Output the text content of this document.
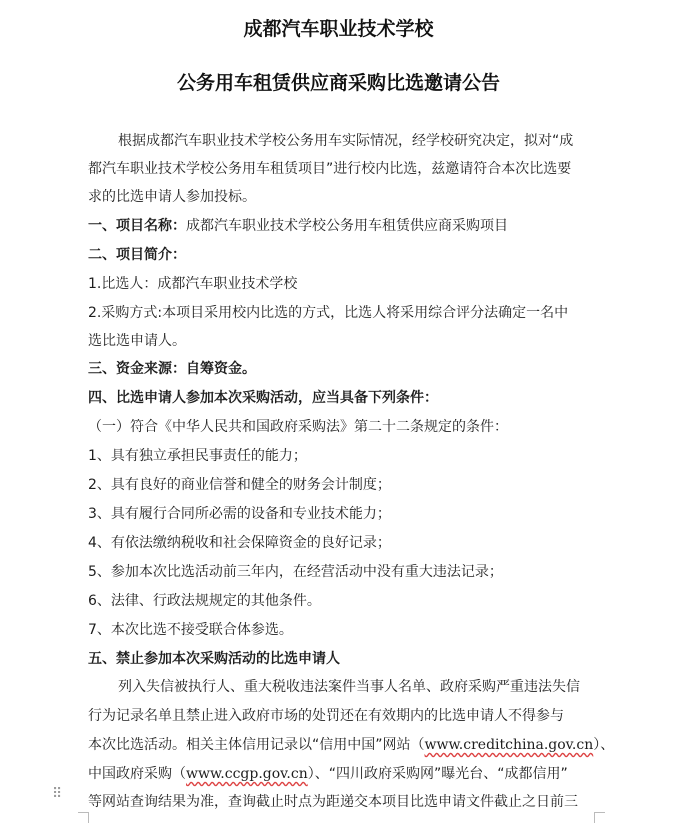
成都汽车职业技术学校
公务用车租赁供应商采购比选邀请公告
根据成都汽车职业技术学校公务用车实际情况，经学校研究决定，拟对“成
都汽车职业技术学校公务用车租赁项目”进行校内比选，兹邀请符合本次比选要
求的比选申请人参加投标。
一、项目名称：成都汽车职业技术学校公务用车租赁供应商采购项目
二、项目简介：
1.比选人：成都汽车职业技术学校
2.采购方式:本项目采用校内比选的方式，比选人将采用综合评分法确定一名中
选比选申请人。
三、资金来源：自筹资金。
四、比选申请人参加本次采购活动，应当具备下列条件：
（一）符合《中华人民共和国政府采购法》第二十二条规定的条件：
1、具有独立承担民事责任的能力；
2、具有良好的商业信誉和健全的财务会计制度；
3、具有履行合同所必需的设备和专业技术能力；
4、有依法缴纳税收和社会保障资金的良好记录；
5、参加本次比选活动前三年内，在经营活动中没有重大违法记录；
6、法律、行政法规规定的其他条件。
7、本次比选不接受联合体参选。
五、禁止参加本次采购活动的比选申请人
列入失信被执行人、重大税收违法案件当事人名单、政府采购严重违法失信
行为记录名单且禁止进入政府市场的处罚还在有效期内的比选申请人不得参与
本次比选活动。相关主体信用记录以“信用中国”网站（www.creditchina.gov.cn）、
中国政府采购（www.ccgp.gov.cn）、“四川政府采购网”曝光台、“成都信用”
等网站查询结果为准，查询截止时点为距递交本项目比选申请文件截止之日前三
⠿
